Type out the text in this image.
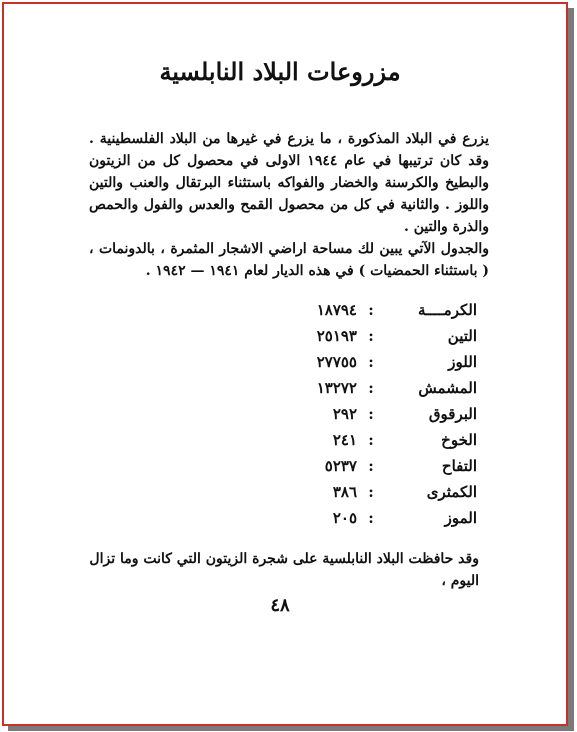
مزروعات البلاد النابلسية
يزرع في البلاد المذكورة ، ما يزرع في غيرها من البلاد الفلسطينية . وقد كان ترتيبها في عام ١٩٤٤ الاولى في محصول كل من الزيتون والبطيخ والكرسنة والخضار والفواكه باستثناء البرتقال والعنب والتين واللوز . والثانية في كل من محصول القمح والعدس والفول والحمص والذرة والتين .
والجدول الآتي يبين لك مساحة اراضي الاشجار المثمرة ، بالدونمات ، ( باستثناء الحمضيات ) في هذه الديار لعام ١٩٤١ — ١٩٤٢ .
الكرمــــة
:
١٨٧٩٤
التين
:
٢٥١٩٣
اللوز
:
٢٧٧٥٥
المشمش
:
١٣٢٧٢
البرقوق
:
٢٩٢
الخوخ
:
٢٤١
التفاح
:
٥٢٣٧
الكمثرى
:
٣٨٦
الموز
:
٢٠٥
وقد حافظت البلاد النابلسية على شجرة الزيتون التي كانت وما تزال اليوم ،
٤٨
